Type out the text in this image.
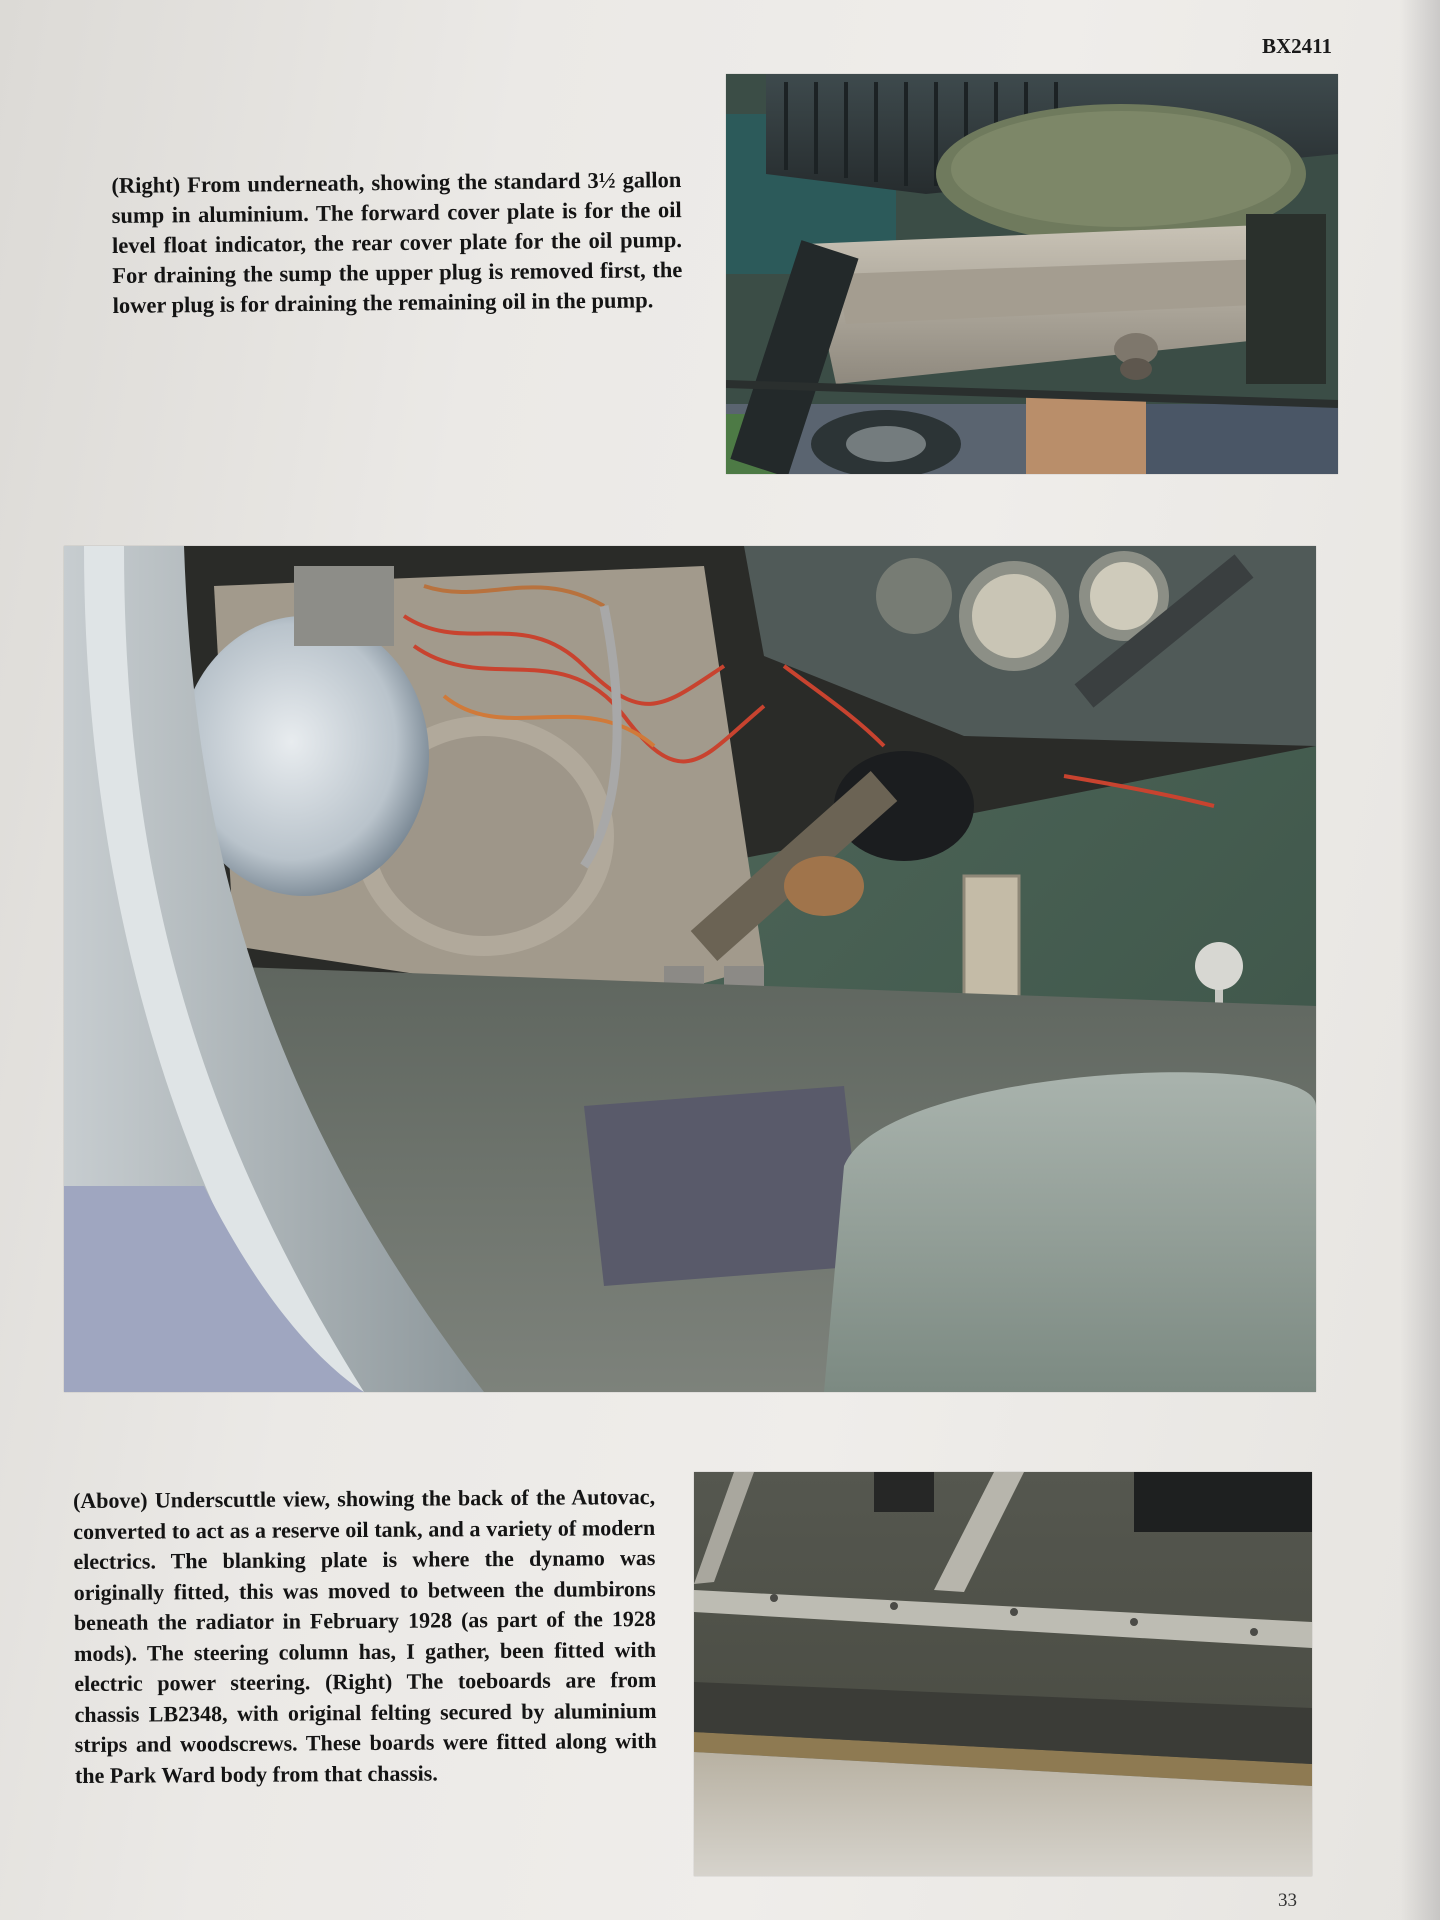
BX2411

(Right) From underneath, showing the standard 3½ gallon sump in aluminium. The forward cover plate is for the oil level float indicator, the rear cover plate for the oil pump. For draining the sump the upper plug is removed first, the lower plug is for draining the remaining oil in the pump.

(Above) Underscuttle view, showing the back of the Autovac, converted to act as a reserve oil tank, and a variety of modern electrics. The blanking plate is where the dynamo was originally fitted, this was moved to between the dumbirons beneath the radiator in February 1928 (as part of the 1928 mods). The steering column has, I gather, been fitted with electric power steering. (Right) The toeboards are from chassis LB2348, with original felting secured by aluminium strips and woodscrews. These boards were fitted along with the Park Ward body from that chassis.

33
